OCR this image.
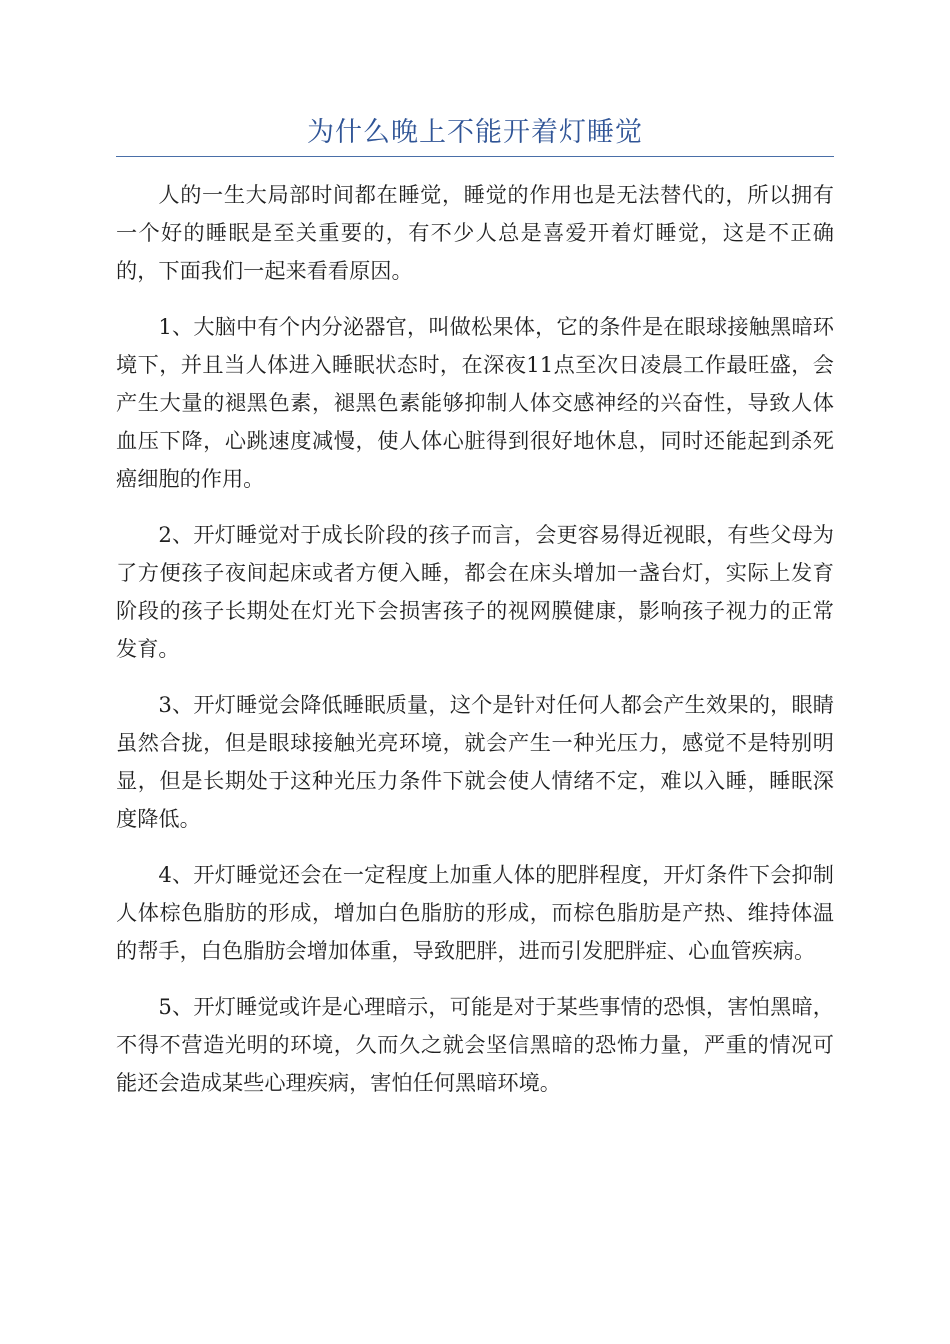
为什么晚上不能开着灯睡觉

人的一生大局部时间都在睡觉，睡觉的作用也是无法替代的，所以拥有一个好的睡眠是至关重要的，有不少人总是喜爱开着灯睡觉，这是不正确的，下面我们一起来看看原因。

1、大脑中有个内分泌器官，叫做松果体，它的条件是在眼球接触黑暗环境下，并且当人体进入睡眠状态时，在深夜11点至次日凌晨工作最旺盛，会产生大量的褪黑色素，褪黑色素能够抑制人体交感神经的兴奋性，导致人体血压下降，心跳速度减慢，使人体心脏得到很好地休息，同时还能起到杀死癌细胞的作用。

2、开灯睡觉对于成长阶段的孩子而言，会更容易得近视眼，有些父母为了方便孩子夜间起床或者方便入睡，都会在床头增加一盏台灯，实际上发育阶段的孩子长期处在灯光下会损害孩子的视网膜健康，影响孩子视力的正常发育。

3、开灯睡觉会降低睡眠质量，这个是针对任何人都会产生效果的，眼睛虽然合拢，但是眼球接触光亮环境，就会产生一种光压力，感觉不是特别明显，但是长期处于这种光压力条件下就会使人情绪不定，难以入睡，睡眠深度降低。

4、开灯睡觉还会在一定程度上加重人体的肥胖程度，开灯条件下会抑制人体棕色脂肪的形成，增加白色脂肪的形成，而棕色脂肪是产热、维持体温的帮手，白色脂肪会增加体重，导致肥胖，进而引发肥胖症、心血管疾病。

5、开灯睡觉或许是心理暗示，可能是对于某些事情的恐惧，害怕黑暗，不得不营造光明的环境，久而久之就会坚信黑暗的恐怖力量，严重的情况可能还会造成某些心理疾病，害怕任何黑暗环境。
